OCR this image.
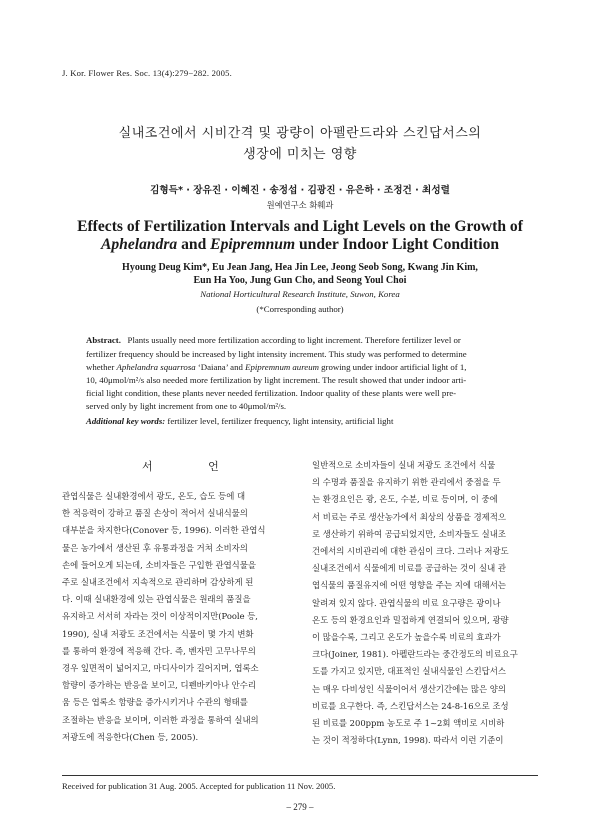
J. Kor. Flower Res. Soc. 13(4):279−282. 2005.
실내조건에서 시비간격 및 광량이 아펠란드라와 스킨답서스의
생장에 미치는 영향
김형득* · 장유진 · 이혜진 · 송정섭 · 김광진 · 유은하 · 조정건 · 최성렬
원예연구소 화훼과
Effects of Fertilization Intervals and Light Levels on the Growth of
Aphelandra and Epipremnum under Indoor Light Condition
Hyoung Deug Kim*, Eu Jean Jang, Hea Jin Lee, Jeong Seob Song, Kwang Jin Kim,
Eun Ha Yoo, Jung Gun Cho, and Seong Youl Choi
National Horticultural Research Institute, Suwon, Korea
(*Corresponding author)
Abstract. Plants usually need more fertilization according to light increment. Therefore fertilizer level or
fertilizer frequency should be increased by light intensity increment. This study was performed to determine
whether Aphelandra squarrosa ‘Daiana’ and Epipremnum aureum growing under indoor artificial light of 1,
10, 40μmol/m²/s also needed more fertilization by light increment. The result showed that under indoor arti-
ficial light condition, these plants never needed fertilization. Indoor quality of these plants were well pre-
served only by light increment from one to 40μmol/m²/s.
Additional key words: fertilizer level, fertilizer frequency, light intensity, artificial light
서 언
관엽식물은 실내환경에서 광도, 온도, 습도 등에 대
한 적응력이 강하고 품질 손상이 적어서 실내식물의
대부분을 차지한다(Conover 등, 1996). 이러한 관엽식
물은 농가에서 생산된 후 유통과정을 거쳐 소비자의
손에 들어오게 되는데, 소비자들은 구입한 관엽식물을
주로 실내조건에서 지속적으로 관리하며 감상하게 된
다. 이때 실내환경에 있는 관엽식물은 원래의 품질을
유지하고 서서히 자라는 것이 이상적이지만(Poole 등,
1990), 실내 저광도 조건에서는 식물이 몇 가지 변화
를 통하여 환경에 적응해 간다. 즉, 벤자민 고무나무의
경우 잎면적이 넓어지고, 마디사이가 길어지며, 엽록소
함량이 증가하는 반응을 보이고, 디펜바키아나 안수리
움 등은 엽록소 함량을 증가시키거나 수관의 형태를
조절하는 반응을 보이며, 이러한 과정을 통하여 실내의
저광도에 적응한다(Chen 등, 2005).
일반적으로 소비자들이 실내 저광도 조건에서 식물
의 수명과 품질을 유지하기 위한 관리에서 중점을 두
는 환경요인은 광, 온도, 수분, 비료 등이며, 이 중에
서 비료는 주로 생산농가에서 최상의 상품을 경제적으
로 생산하기 위하여 공급되었지만, 소비자들도 실내조
건에서의 시비관리에 대한 관심이 크다. 그러나 저광도
실내조건에서 식물에게 비료를 공급하는 것이 실내 관
엽식물의 품질유지에 어떤 영향을 주는 지에 대해서는
알려져 있지 않다. 관엽식물의 비료 요구량은 광이나
온도 등의 환경요인과 밀접하게 연결되어 있으며, 광량
이 많을수록, 그리고 온도가 높을수록 비료의 효과가
크다(Joiner, 1981). 아펠란드라는 중간정도의 비료요구
도를 가지고 있지만, 대표적인 실내식물인 스킨답서스
는 매우 다비성인 식물이어서 생산기간에는 많은 양의
비료를 요구한다. 즉, 스킨답서스는 24-8-16으로 조성
된 비료를 200ppm 농도로 주 1~2회 액비로 시비하
는 것이 적정하다(Lynn, 1998). 따라서 이런 기준이
Received for publication 31 Aug. 2005. Accepted for publication 11 Nov. 2005.
– 279 –
